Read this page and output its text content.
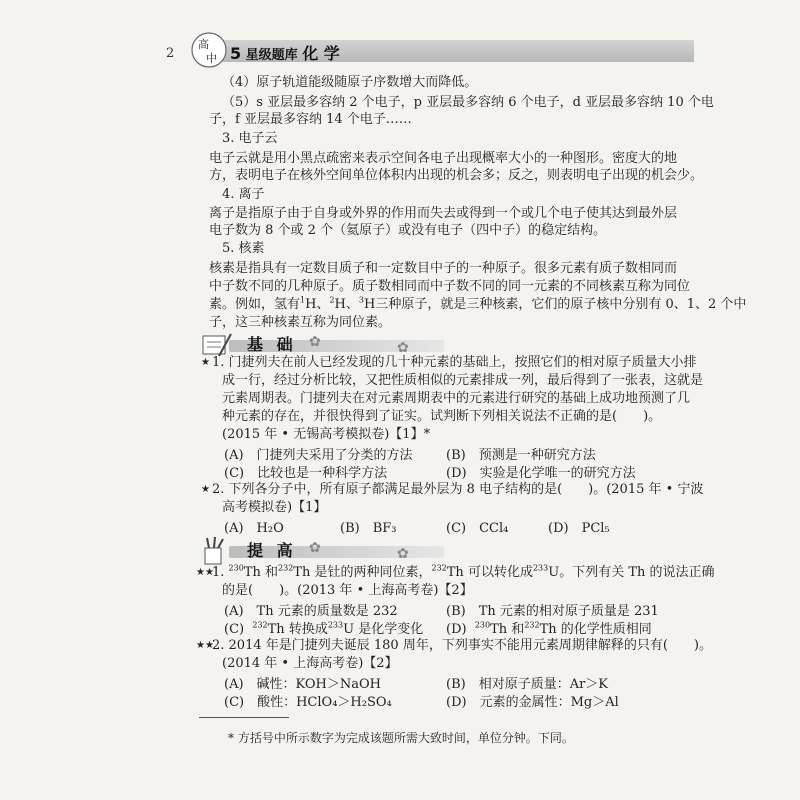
2
高
中 5 星级题库 化 学
（4）原子轨道能级随原子序数增大而降低。
（5）s 亚层最多容纳 2 个电子，p 亚层最多容纳 6 个电子，d 亚层最多容纳 10 个电
子，f 亚层最多容纳 14 个电子……
3. 电子云
电子云就是用小黑点疏密来表示空间各电子出现概率大小的一种图形。密度大的地
方，表明电子在核外空间单位体积内出现的机会多；反之，则表明电子出现的机会少。
4. 离子
离子是指原子由于自身或外界的作用而失去或得到一个或几个电子使其达到最外层
电子数为 8 个或 2 个（氦原子）或没有电子（四中子）的稳定结构。
5. 核素
核素是指具有一定数目质子和一定数目中子的一种原子。很多元素有质子数相同而
中子数不同的几种原子。质子数相同而中子数不同的同一元素的不同核素互称为同位
素。例如，氢有$^1$H、$^2$H、$^3$H三种原子，就是三种核素，它们的原子核中分别有 0、1、2 个中
子，这三种核素互称为同位素。
基 础 ✿	✿
★ 1. 门捷列夫在前人已经发现的几十种元素的基础上，按照它们的相对原子质量大小排
成一行，经过分析比较，又把性质相似的元素排成一列，最后得到了一张表，这就是
元素周期表。门捷列夫在对元素周期表中的元素进行研究的基础上成功地预测了几
种元素的存在，并很快得到了证实。试判断下列相关说法不正确的是(　　)。
(2015 年 • 无锡高考模拟卷)【1】*
(A)　门捷列夫采用了分类的方法	(B)　预测是一种研究方法
(C)　比较也是一种科学方法	(D)　实验是化学唯一的研究方法
★ 2. 下列各分子中，所有原子都满足最外层为 8 电子结构的是(　　)。(2015 年 • 宁波
高考模拟卷)【1】
(A)　H₂O	(B)　BF₃	(C)　CCl₄	(D)　PCl₅
提 高 ✿	✿
★★
1. $^{230}$Th 和$^{232}$Th 是钍的两种同位素，$^{232}$Th 可以转化成$^{233}$U。下列有关 Th 的说法正确
的是(　　)。(2013 年 • 上海高考卷)【2】
(A)　Th 元素的质量数是 232	(B)　Th 元素的相对原子质量是 231
(C) $^{232}$Th 转换成$^{233}$U 是化学变化 (D) $^{230}$Th 和$^{232}$Th 的化学性质相同
★★
2. 2014 年是门捷列夫诞辰 180 周年，下列事实不能用元素周期律解释的只有(　　)。
(2014 年 • 上海高考卷)【2】
(A)　碱性：KOH＞NaOH	(B)　相对原子质量：Ar＞K
(C)　酸性：HClO₄＞H₂SO₄	(D)　元素的金属性：Mg＞Al
* 方括号中所示数字为完成该题所需大致时间，单位分钟。下同。
